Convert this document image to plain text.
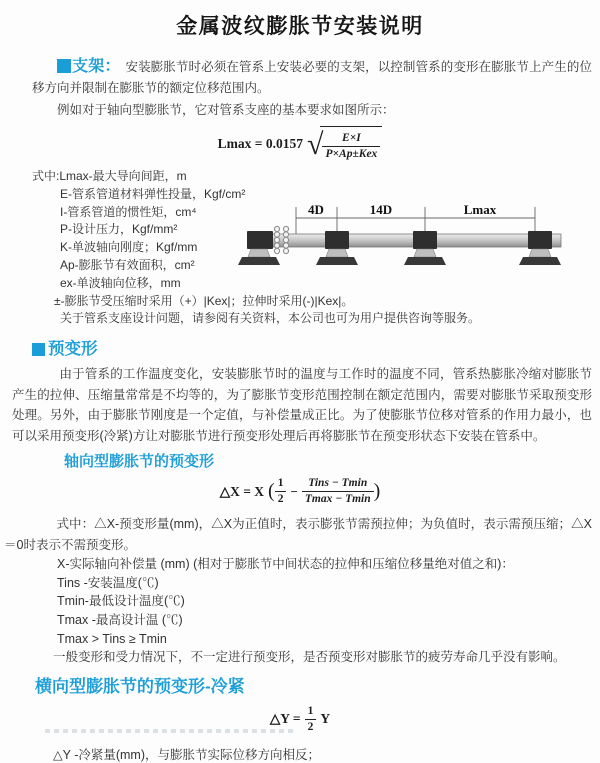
金属波纹膨胀节安装说明

支架： 安装膨胀节时必须在管系上安装必要的支架，以控制管系的变形在膨胀节上产生的位移方向并限制在膨胀节的额定位移范围内。

例如对于轴向型膨胀节，它对管系支座的基本要求如图所示：

Lmax = 0.0157 √ $\frac{E\times I}{\text{P×Ap±Kex}}$
式中:Lmax-最大导向间距，m
E-管系管道材料弹性投量，Kgf/cm²
I-管系管道的惯性矩，cm⁴
P-设计压力，Kgf/mm²
K-单波轴向刚度；Kgf/mm
Ap-膨胀节有效面积，cm²
ex-单波轴向位移，mm
±-膨胀节受压缩时采用（+）|Kex|；拉伸时采用(-)|Kex|。
关于管系支座设计问题，请参阅有关资料，本公司也可为用户提供咨询等服务。
4D	14D	Lmax
预变形

由于管系的工作温度变化，安装膨胀节时的温度与工作时的温度不同，管系热膨胀冷缩对膨胀节产生的拉伸、压缩量常常是不均等的，为了膨胀节变形范围控制在额定范围内，需要对膨胀节采取预变形处理。另外，由于膨胀节刚度是一个定值，与补偿量成正比。为了使膨胀节位移对管系的作用力最小，也可以采用预变形(冷紧)方让对膨胀节进行预变形处理后再将膨胀节在预变形状态下安装在管系中。

轴向型膨胀节的预变形
△X = X ( $\frac{1}{2} - \frac{\text{Tins − Tmin}}{Tmax - Tmin}$ )

式中：△X-预变形量(mm)，△X为正值时，表示膨张节需预拉伸；为负值时，表示需预压缩；△X＝0时表示不需预变形。

X-实际轴向补偿量 (mm) (相对于膨胀节中间状态的拉伸和压缩位移量绝对值之和)：
Tins -安装温度(℃)
Tmin-最低设计温度(℃)
Tmax -最高设计温 (℃)
Tmax > Tins ≥ Tmin
一般变形和受力情况下，不一定进行预变形，是否预变形对膨胀节的疲劳寿命几乎没有影响。
横向型膨胀节的预变形-冷紧
△Y = $\frac{1}{2}$ Y
△Y -冷紧量(mm)，与膨胀节实际位移方向相反；
